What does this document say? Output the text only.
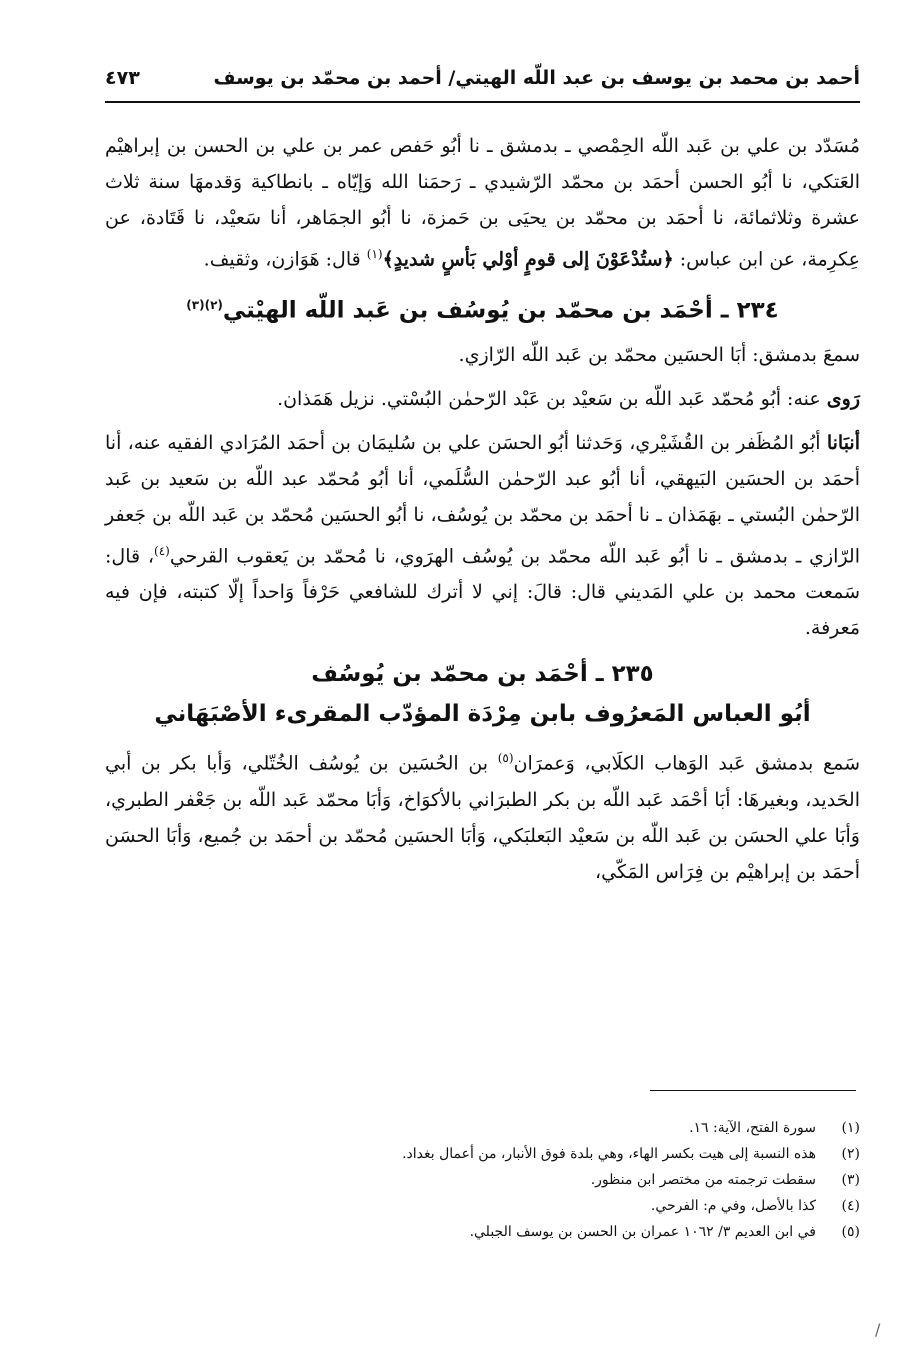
أحمد بن محمد بن يوسف بن عبد اللّه الهيتي/ أحمد بن محمّد بن يوسف
٤٧٣

مُسَدّد بن علي بن عَبد اللّه الحِمْصي ـ بدمشق ـ نا أبُو حَفص عمر بن علي بن الحسن بن إبراهيْم العَتكي، نا أبُو الحسن أحمَد بن محمّد الرّشيدي ـ رَحمَنا الله وَإيّاه ـ بانطاكية وَقدمهَا سنة ثلاث عشرة وثلاثمائة، نا أحمَد بن محمّد بن يحيَى بن حَمزة، نا أبُو الجمَاهر، أنا سَعيْد، نا قَتَادة، عن عِكرِمة، عن ابن عباس: ﴿ستُدْعَوْنَ إلى قومٍ أوْلي بَأسٍ شديدٍ﴾$^{(١)}$ قال: هَوَازن، وثقيف.

٢٣٤ ـ أحْمَد بن محمّد بن يُوسُف بن عَبد اللّه الهيْتي$^{(٢)(٣)}$

سمعَ بدمشق: أبَا الحسَين محمّد بن عَبد اللّه الرّازي.

رَوى عنه: أبُو مُحمّد عَبد اللّه بن سَعيْد بن عَبْد الرّحمٰن البُسْتي. نزيل هَمَذان.

أنبَانا أبُو المُظَفر بن القُشَيْري، وَحَدثنا أبُو الحسَن علي بن سُليمَان بن أحمَد المُرَادي الفقيه عنه، أنا أحمَد بن الحسَين البَيهقي، أنا أبُو عبد الرّحمٰن السُّلَمي، أنا أبُو مُحمّد عبد اللّه بن سَعيد بن عَبد الرّحمٰن البُستي ـ بهَمَذان ـ نا أحمَد بن محمّد بن يُوسُف، نا أبُو الحسَين مُحمّد بن عَبد اللّه بن جَعفر الرّازي ـ بدمشق ـ نا أبُو عَبد اللّه محمّد بن يُوسُف الهرَوي، نا مُحمّد بن يَعقوب القرحي$^{(٤)}$، قال: سَمعت محمد بن علي المَديني قال: قالَ: إني لا أترك للشافعي حَرْفاً وَاحداً إلّا كتبته، فإن فيه مَعرفة.

٢٣٥ ـ أحْمَد بن محمّد بن يُوسُف
أبُو العباس المَعرُوف بابن مِرْدَة المؤدّب المقرىء الأصْبَهَاني

سَمع بدمشق عَبد الوَهاب الكلَابي، وَعمرَان$^{(٥)}$ بن الحُسَين بن يُوسُف الخُتّلي، وَأبا بكر بن أبي الحَديد، وبغيرهَا: أبَا أحْمَد عَبد اللّه بن بكر الطبرَاني بالأكوَاخ، وَأبَا محمّد عَبد اللّه بن جَعْفر الطبري، وَأبَا علي الحسَن بن عَبد اللّه بن سَعيْد البَعلبَكي، وَأبَا الحسَين مُحمّد بن أحمَد بن جُميع، وَأبَا الحسَن أحمَد بن إبراهيْم بن فِرَاس المَكّي،

(١)
سورة الفتح، الآية: ١٦.
(٢)
هذه النسبة إلى هيت بكسر الهاء، وهي بلدة فوق الأنبار، من أعمال بغداد.
(٣)
سقطت ترجمته من مختصر ابن منظور.
(٤)
كذا بالأصل، وفي م: الفرحي.
(٥)
في ابن العديم ٣/ ١٠٦٢ عمران بن الحسن بن يوسف الجبلي.
/
